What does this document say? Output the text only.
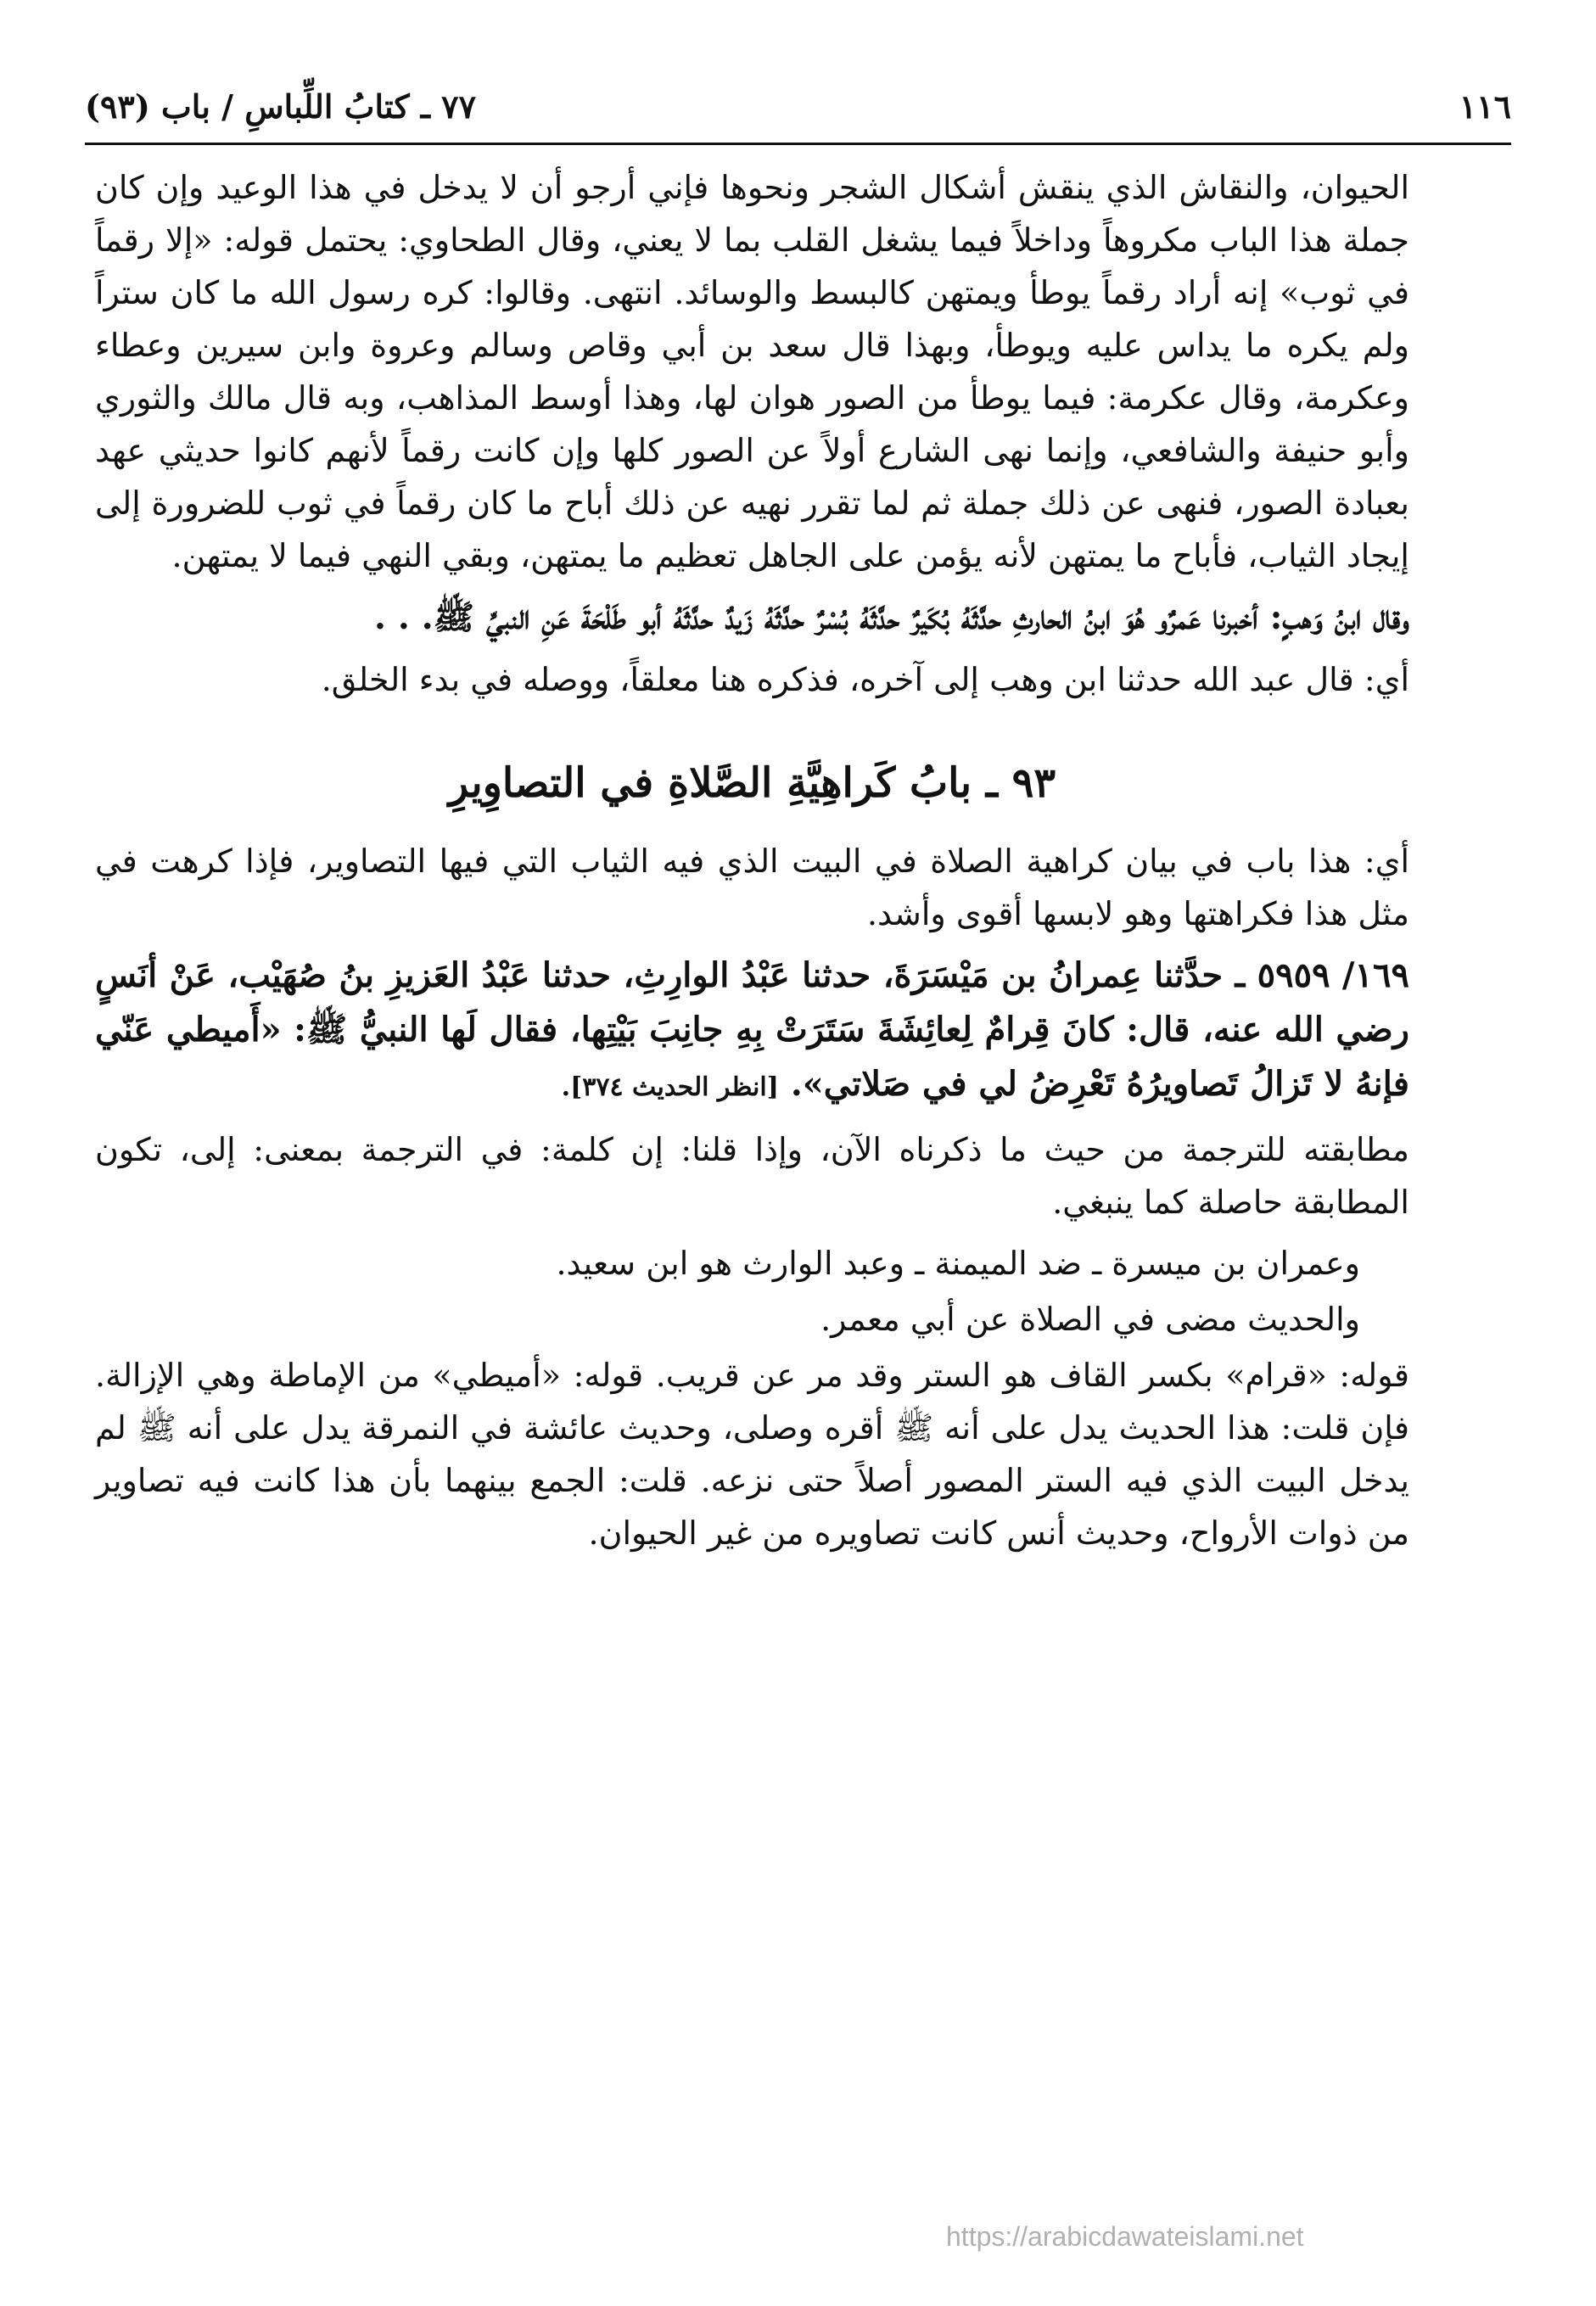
١١٦
٧٧ ـ كتابُ اللِّباسِ / باب (٩٣)

الحيوان، والنقاش الذي ينقش أشكال الشجر ونحوها فإني أرجو أن لا يدخل في هذا الوعيد وإن كان جملة هذا الباب مكروهاً وداخلاً فيما يشغل القلب بما لا يعني، وقال الطحاوي: يحتمل قوله: «إلا رقماً في ثوب» إنه أراد رقماً يوطأ ويمتهن كالبسط والوسائد. انتهى. وقالوا: كره رسول الله ما كان ستراً ولم يكره ما يداس عليه ويوطأ، وبهذا قال سعد بن أبي وقاص وسالم وعروة وابن سيرين وعطاء وعكرمة، وقال عكرمة: فيما يوطأ من الصور هوان لها، وهذا أوسط المذاهب، وبه قال مالك والثوري وأبو حنيفة والشافعي، وإنما نهى الشارع أولاً عن الصور كلها وإن كانت رقماً لأنهم كانوا حديثي عهد بعبادة الصور، فنهى عن ذلك جملة ثم لما تقرر نهيه عن ذلك أباح ما كان رقماً في ثوب للضرورة إلى إيجاد الثياب، فأباح ما يمتهن لأنه يؤمن على الجاهل تعظيم ما يمتهن، وبقي النهي فيما لا يمتهن.

وقال ابنُ وَهبٍ: أخبرنا عَمرٌو هُوَ ابنُ الحارثِ حدَّثَهُ بُكَيرٌ حدَّثَهُ بُسْرٌ حدَّثَهُ زَيدٌ حدَّثَهُ أبو طَلْحَةَ عَنِ النبيِّ ﷺ. . .

أي: قال عبد الله حدثنا ابن وهب إلى آخره، فذكره هنا معلقاً، ووصله في بدء الخلق.

٩٣ ـ بابُ كَراهِيَّةِ الصَّلاةِ في التصاوِيرِ

أي: هذا باب في بيان كراهية الصلاة في البيت الذي فيه الثياب التي فيها التصاوير، فإذا كرهت في مثل هذا فكراهتها وهو لابسها أقوى وأشد.

١٦٩/ ٥٩٥٩ ـ حدَّثنا عِمرانُ بن مَيْسَرَةَ، حدثنا عَبْدُ الوارِثِ، حدثنا عَبْدُ العَزيزِ بنُ صُهَيْب، عَنْ أنَسٍ رضي الله عنه، قال: كانَ قِرامٌ لِعائِشَةَ سَتَرَتْ بِهِ جانِبَ بَيْتِها، فقال لَها النبيُّ ﷺ: «أَميطي عَنّي فإنهُ لا تَزالُ تَصاويرُهُ تَعْرِضُ لي في صَلاتي». [انظر الحديث ٣٧٤].

مطابقته للترجمة من حيث ما ذكرناه الآن، وإذا قلنا: إن كلمة: في الترجمة بمعنى: إلى، تكون المطابقة حاصلة كما ينبغي.

وعمران بن ميسرة ـ ضد الميمنة ـ وعبد الوارث هو ابن سعيد.

والحديث مضى في الصلاة عن أبي معمر.

قوله: «قرام» بكسر القاف هو الستر وقد مر عن قريب. قوله: «أميطي» من الإماطة وهي الإزالة. فإن قلت: هذا الحديث يدل على أنه ﷺ أقره وصلى، وحديث عائشة في النمرقة يدل على أنه ﷺ لم يدخل البيت الذي فيه الستر المصور أصلاً حتى نزعه. قلت: الجمع بينهما بأن هذا كانت فيه تصاوير من ذوات الأرواح، وحديث أنس كانت تصاويره من غير الحيوان.

https://arabicdawateislami.net
